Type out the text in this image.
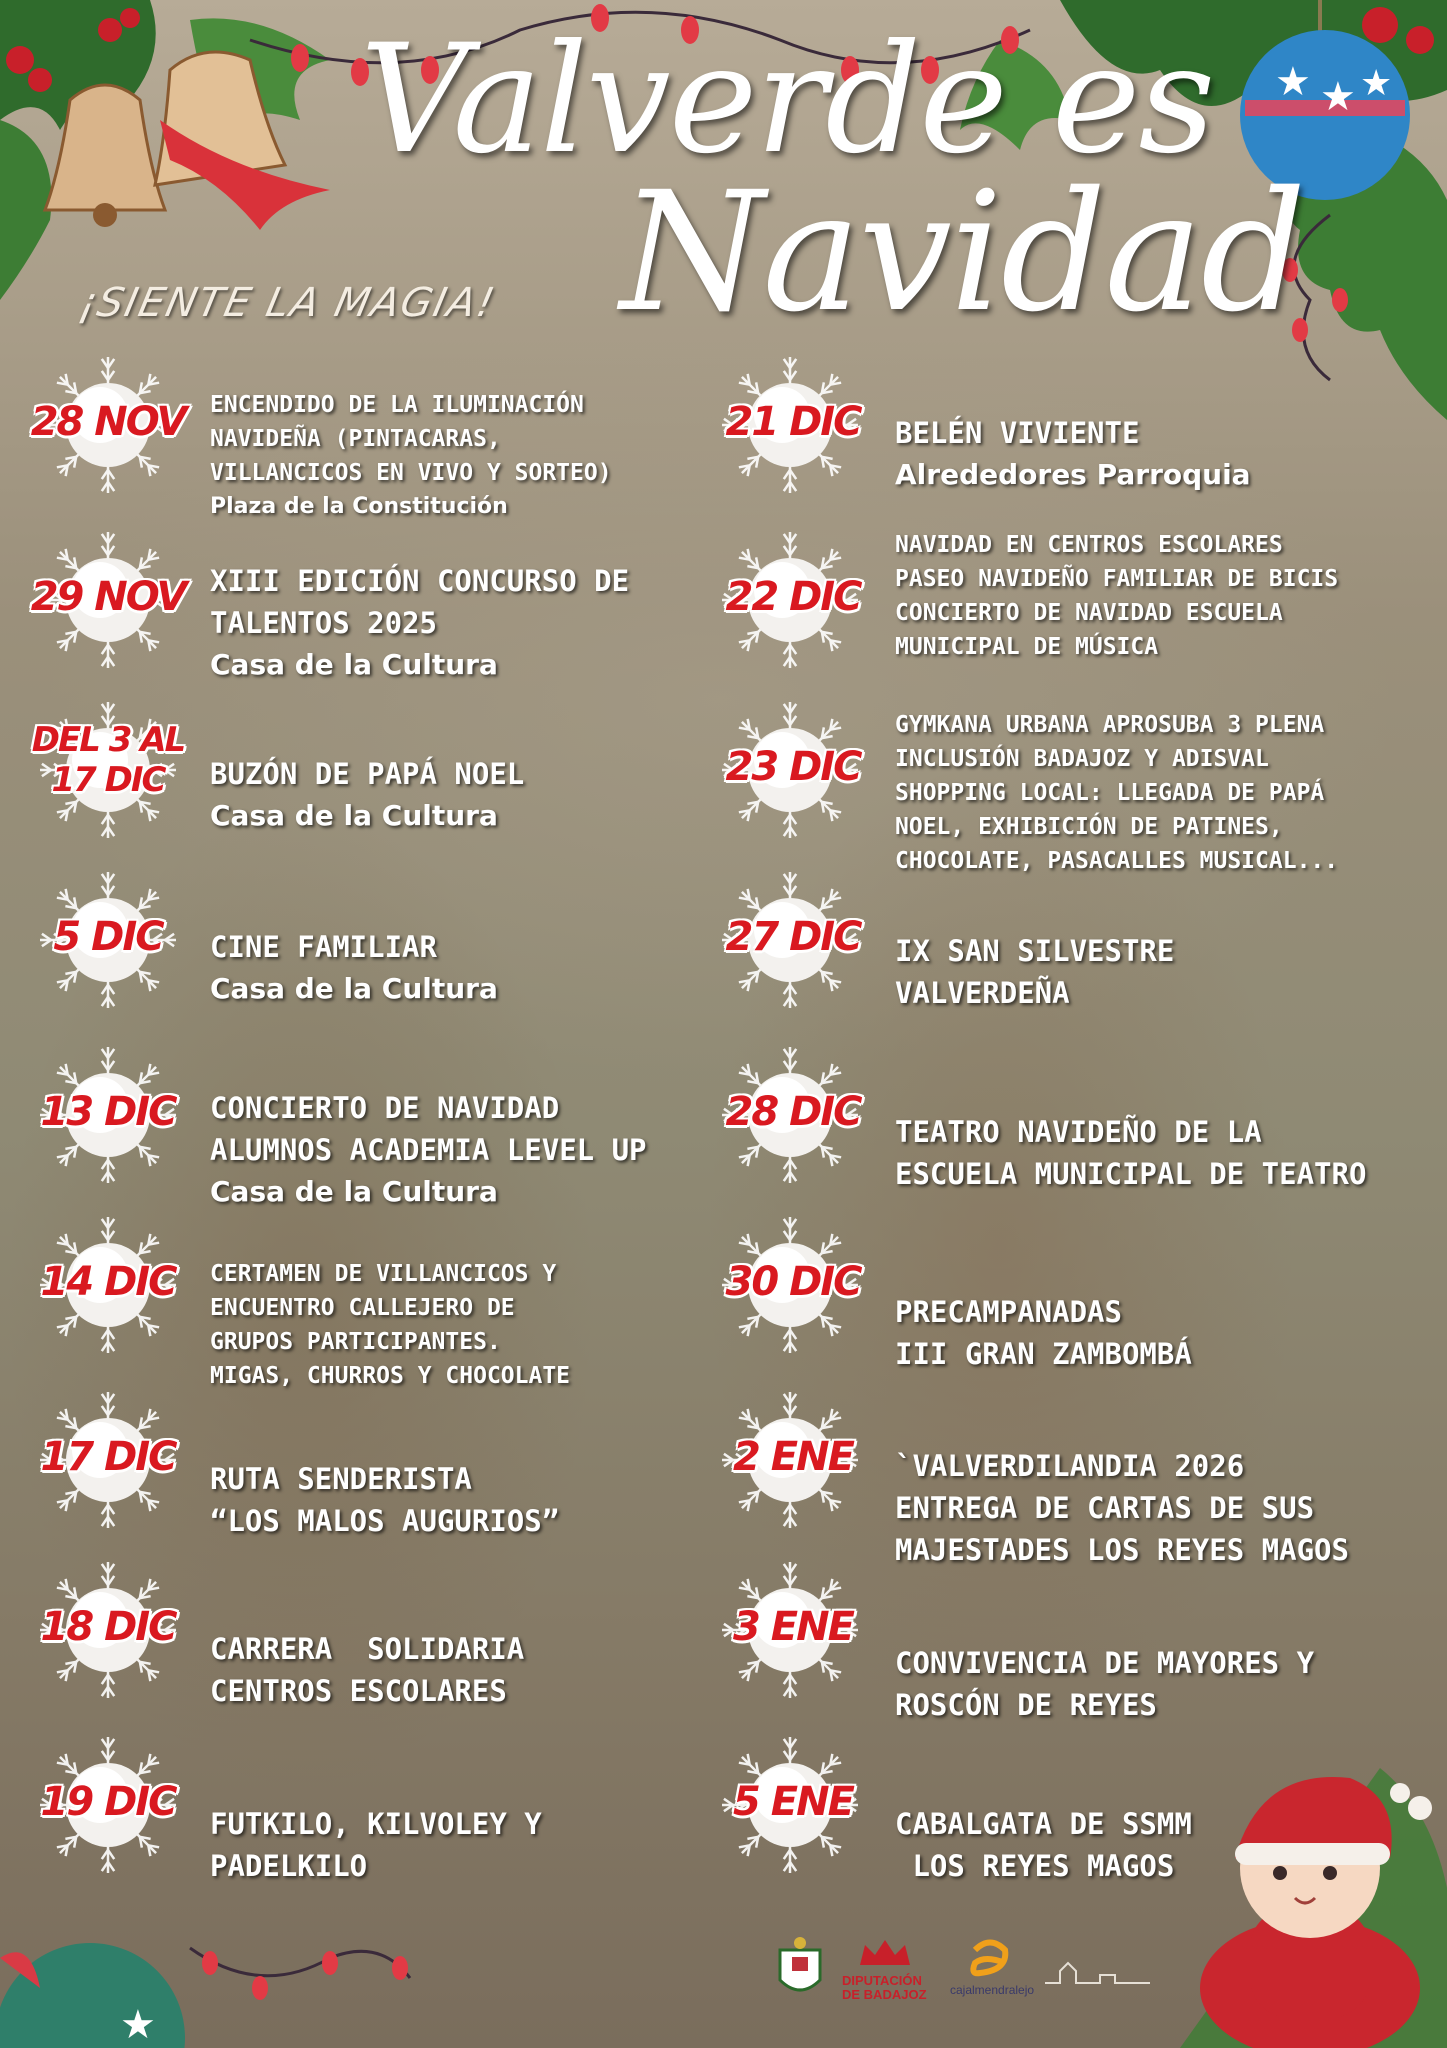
★ ★ ★
Valverde es
Navidad
¡SIENTE LA MAGIA!
28 NOV	ENCENDIDO DE LA ILUMINACIÓN
NAVIDEÑA (PINTACARAS,
VILLANCICOS EN VIVO Y SORTEO)
Plaza de la Constitución
29 NOV XIII EDICIÓN CONCURSO DE
TALENTOS 2025
Casa de la Cultura
DEL 3 AL 17 DIC	BUZÓN DE PAPÁ NOEL
Casa de la Cultura
5 DIC	CINE FAMILIAR
Casa de la Cultura
13 DIC	CONCIERTO DE NAVIDAD
ALUMNOS ACADEMIA LEVEL UP
Casa de la Cultura
14 DIC	CERTAMEN DE VILLANCICOS Y
ENCUENTRO CALLEJERO DE
GRUPOS PARTICIPANTES.
MIGAS, CHURROS Y CHOCOLATE
17 DIC	RUTA SENDERISTA
“LOS MALOS AUGURIOS”
18 DIC	CARRERA  SOLIDARIA
CENTROS ESCOLARES
19 DIC	FUTKILO, KILVOLEY Y
PADELKILO
21 DIC	BELÉN VIVIENTE
Alrededores Parroquia
22 DIC
NAVIDAD EN CENTROS ESCOLARES
PASEO NAVIDEÑO FAMILIAR DE BICIS
CONCIERTO DE NAVIDAD ESCUELA
MUNICIPAL DE MÚSICA
23 DIC
GYMKANA URBANA APROSUBA 3 PLENA
INCLUSIÓN BADAJOZ Y ADISVAL
SHOPPING LOCAL: LLEGADA DE PAPÁ
NOEL, EXHIBICIÓN DE PATINES,
CHOCOLATE, PASACALLES MUSICAL...
27 DIC	IX SAN SILVESTRE
VALVERDEÑA
28 DIC	TEATRO NAVIDEÑO DE LA
ESCUELA MUNICIPAL DE TEATRO
30 DIC
PRECAMPANADAS
III GRAN ZAMBOMBÁ
2 ENE	`VALVERDILANDIA 2026
ENTREGA DE CARTAS DE SUS
MAJESTADES LOS REYES MAGOS
3 ENE
CONVIVENCIA DE MAYORES Y
ROSCÓN DE REYES
5 ENE	CABALGATA DE SSMM
LOS REYES MAGOS
★
DIPUTACIÓN
DE BADAJOZ cajalmendralejo
